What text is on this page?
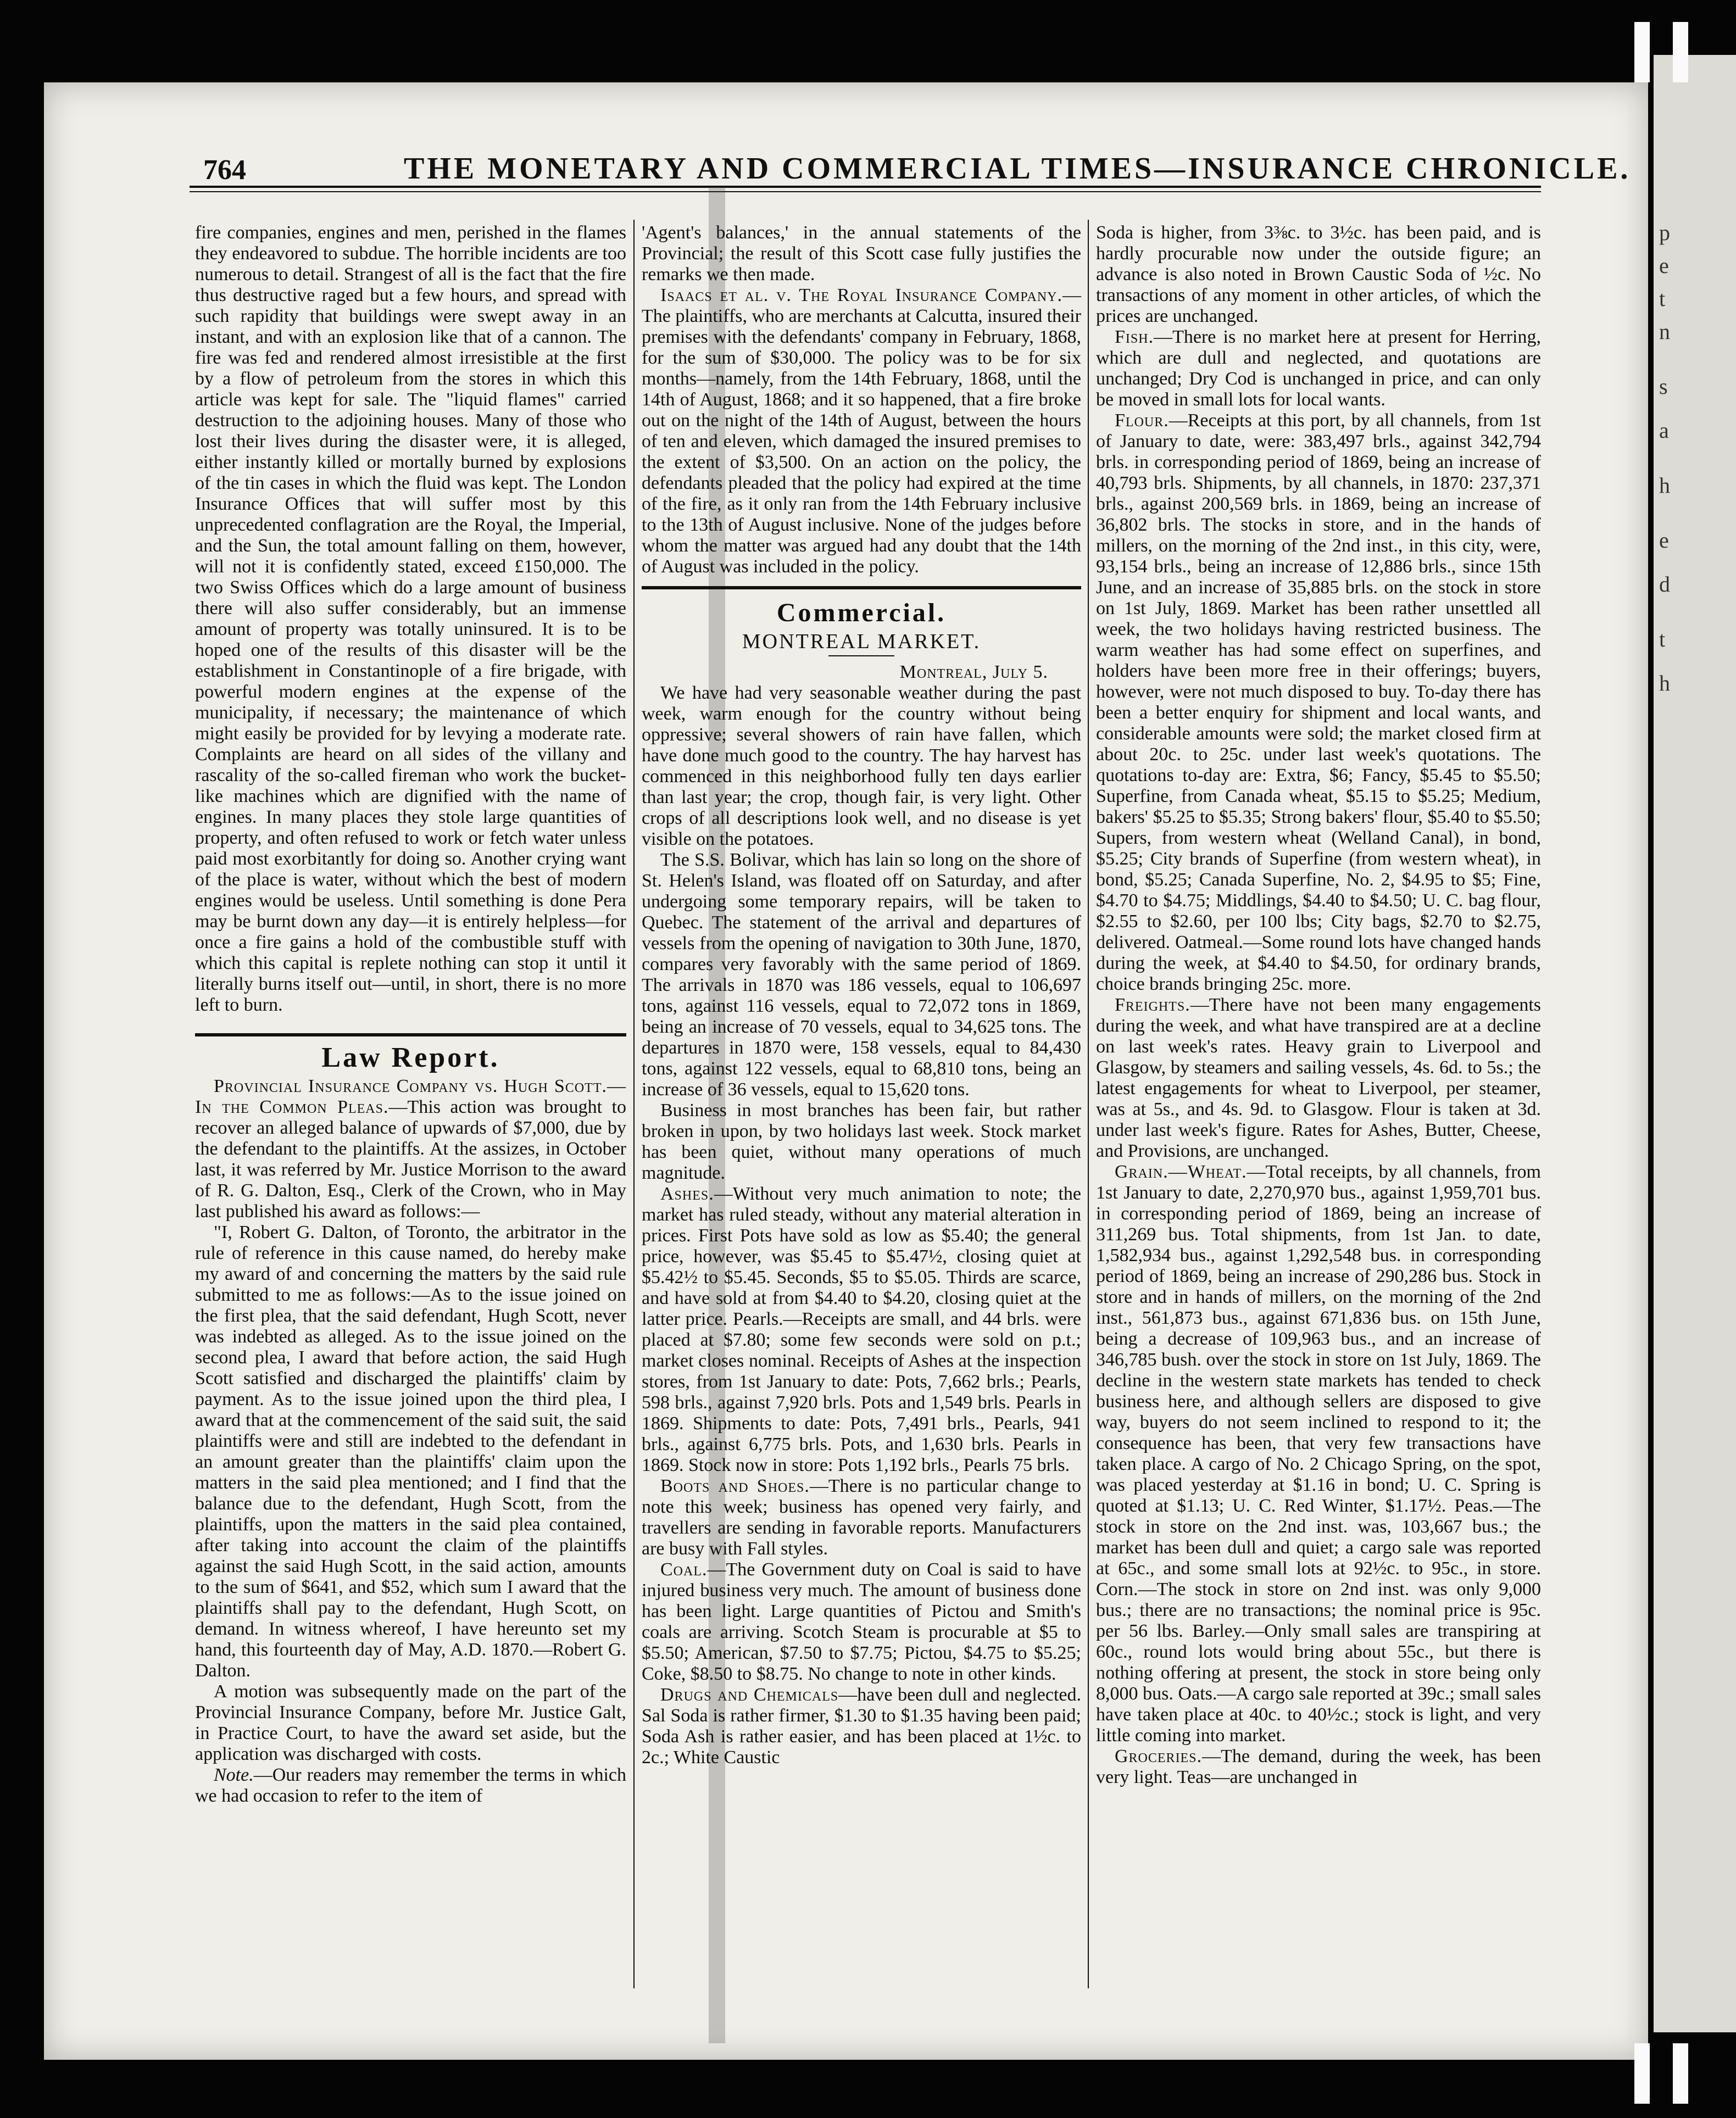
p
e
t
n
s
a
h
e
d
t
h
764	THE MONETARY AND COMMERCIAL TIMES—INSURANCE CHRONICLE.

fire companies, engines and men, perished in the flames they endeavored to subdue. The horrible incidents are too numerous to detail. Strangest of all is the fact that the fire thus destructive raged but a few hours, and spread with such rapidity that buildings were swept away in an instant, and with an explosion like that of a cannon. The fire was fed and rendered almost irresistible at the first by a flow of petroleum from the stores in which this article was kept for sale. The "liquid flames" carried destruction to the adjoining houses. Many of those who lost their lives during the disaster were, it is alleged, either instantly killed or mortally burned by explosions of the tin cases in which the fluid was kept. The London Insurance Offices that will suffer most by this unprecedented conflagration are the Royal, the Imperial, and the Sun, the total amount falling on them, however, will not it is confidently stated, exceed £150,000. The two Swiss Offices which do a large amount of business there will also suffer considerably, but an immense amount of property was totally uninsured. It is to be hoped one of the results of this disaster will be the establishment in Constantinople of a fire brigade, with powerful modern engines at the expense of the municipality, if necessary; the maintenance of which might easily be provided for by levying a moderate rate. Complaints are heard on all sides of the villany and rascality of the so-called fireman who work the bucket-like machines which are dignified with the name of engines. In many places they stole large quantities of property, and often refused to work or fetch water unless paid most exorbitantly for doing so. Another crying want of the place is water, without which the best of modern engines would be useless. Until something is done Pera may be burnt down any day—it is entirely helpless—for once a fire gains a hold of the combustible stuff with which this capital is replete nothing can stop it until it literally burns itself out—until, in short, there is no more left to burn.

Law Report.

Provincial Insurance Company vs. Hugh Scott.—In the Common Pleas.—This action was brought to recover an alleged balance of upwards of $7,000, due by the defendant to the plaintiffs. At the assizes, in October last, it was referred by Mr. Justice Morrison to the award of R. G. Dalton, Esq., Clerk of the Crown, who in May last published his award as follows:—

"I, Robert G. Dalton, of Toronto, the arbitrator in the rule of reference in this cause named, do hereby make my award of and concerning the matters by the said rule submitted to me as follows:—As to the issue joined on the first plea, that the said defendant, Hugh Scott, never was indebted as alleged. As to the issue joined on the second plea, I award that before action, the said Hugh Scott satisfied and discharged the plaintiffs' claim by payment. As to the issue joined upon the third plea, I award that at the commencement of the said suit, the said plaintiffs were and still are indebted to the defendant in an amount greater than the plaintiffs' claim upon the matters in the said plea mentioned; and I find that the balance due to the defendant, Hugh Scott, from the plaintiffs, upon the matters in the said plea contained, after taking into account the claim of the plaintiffs against the said Hugh Scott, in the said action, amounts to the sum of $641, and $52, which sum I award that the plaintiffs shall pay to the defendant, Hugh Scott, on demand. In witness whereof, I have hereunto set my hand, this fourteenth day of May, A.D. 1870.—Robert G. Dalton.

A motion was subsequently made on the part of the Provincial Insurance Company, before Mr. Justice Galt, in Practice Court, to have the award set aside, but the application was discharged with costs.

Note.—Our readers may remember the terms in which we had occasion to refer to the item of

'Agent's balances,' in the annual statements of the Provincial; the result of this Scott case fully justifies the remarks we then made.

Isaacs et al. v. The Royal Insurance Company.—The plaintiffs, who are merchants at Calcutta, insured their premises with the defendants' company in February, 1868, for the sum of $30,000. The policy was to be for six months—namely, from the 14th February, 1868, until the 14th of August, 1868; and it so happened, that a fire broke out on the night of the 14th of August, between the hours of ten and eleven, which damaged the insured premises to the extent of $3,500. On an action on the policy, the defendants pleaded that the policy had expired at the time of the fire, as it only ran from the 14th February inclusive to the 13th of August inclusive. None of the judges before whom the matter was argued had any doubt that the 14th of August was included in the policy.

Commercial.
MONTREAL MARKET.
Montreal, July 5.

We have had very seasonable weather during the past week, warm enough for the country without being oppressive; several showers of rain have fallen, which have done much good to the country. The hay harvest has commenced in this neighborhood fully ten days earlier than last year; the crop, though fair, is very light. Other crops of all descriptions look well, and no disease is yet visible on the potatoes.

The S.S. Bolivar, which has lain so long on the shore of St. Helen's Island, was floated off on Saturday, and after undergoing some temporary repairs, will be taken to Quebec. The statement of the arrival and departures of vessels from the opening of navigation to 30th June, 1870, compares very favorably with the same period of 1869. The arrivals in 1870 was 186 vessels, equal to 106,697 tons, against 116 vessels, equal to 72,072 tons in 1869, being an increase of 70 vessels, equal to 34,625 tons. The departures in 1870 were, 158 vessels, equal to 84,430 tons, against 122 vessels, equal to 68,810 tons, being an increase of 36 vessels, equal to 15,620 tons.

Business in most branches has been fair, but rather broken in upon, by two holidays last week. Stock market has been quiet, without many operations of much magnitude.

Ashes.—Without very much animation to note; the market has ruled steady, without any material alteration in prices. First Pots have sold as low as $5.40; the general price, however, was $5.45 to $5.47½, closing quiet at $5.42½ to $5.45. Seconds, $5 to $5.05. Thirds are scarce, and have sold at from $4.40 to $4.20, closing quiet at the latter price. Pearls.—Receipts are small, and 44 brls. were placed at $7.80; some few seconds were sold on p.t.; market closes nominal. Receipts of Ashes at the inspection stores, from 1st January to date: Pots, 7,662 brls.; Pearls, 598 brls., against 7,920 brls. Pots and 1,549 brls. Pearls in 1869. Shipments to date: Pots, 7,491 brls., Pearls, 941 brls., against 6,775 brls. Pots, and 1,630 brls. Pearls in 1869. Stock now in store: Pots 1,192 brls., Pearls 75 brls.

Boots and Shoes.—There is no particular change to note this week; business has opened very fairly, and travellers are sending in favorable reports. Manufacturers are busy with Fall styles.

Coal.—The Government duty on Coal is said to have injured business very much. The amount of business done has been light. Large quantities of Pictou and Smith's coals are arriving. Scotch Steam is procurable at $5 to $5.50; American, $7.50 to $7.75; Pictou, $4.75 to $5.25; Coke, $8.50 to $8.75. No change to note in other kinds.

Drugs and Chemicals—have been dull and neglected. Sal Soda is rather firmer, $1.30 to $1.35 having been paid; Soda Ash is rather easier, and has been placed at 1½c. to 2c.; White Caustic

Soda is higher, from 3⅜c. to 3½c. has been paid, and is hardly procurable now under the outside figure; an advance is also noted in Brown Caustic Soda of ½c. No transactions of any moment in other articles, of which the prices are unchanged.

Fish.—There is no market here at present for Herring, which are dull and neglected, and quotations are unchanged; Dry Cod is unchanged in price, and can only be moved in small lots for local wants.

Flour.—Receipts at this port, by all channels, from 1st of January to date, were: 383,497 brls., against 342,794 brls. in corresponding period of 1869, being an increase of 40,793 brls. Shipments, by all channels, in 1870: 237,371 brls., against 200,569 brls. in 1869, being an increase of 36,802 brls. The stocks in store, and in the hands of millers, on the morning of the 2nd inst., in this city, were, 93,154 brls., being an increase of 12,886 brls., since 15th June, and an increase of 35,885 brls. on the stock in store on 1st July, 1869. Market has been rather unsettled all week, the two holidays having restricted business. The warm weather has had some effect on superfines, and holders have been more free in their offerings; buyers, however, were not much disposed to buy. To-day there has been a better enquiry for shipment and local wants, and considerable amounts were sold; the market closed firm at about 20c. to 25c. under last week's quotations. The quotations to-day are: Extra, $6; Fancy, $5.45 to $5.50; Superfine, from Canada wheat, $5.15 to $5.25; Medium, bakers' $5.25 to $5.35; Strong bakers' flour, $5.40 to $5.50; Supers, from western wheat (Welland Canal), in bond, $5.25; City brands of Superfine (from western wheat), in bond, $5.25; Canada Superfine, No. 2, $4.95 to $5; Fine, $4.70 to $4.75; Middlings, $4.40 to $4.50; U. C. bag flour, $2.55 to $2.60, per 100 lbs; City bags, $2.70 to $2.75, delivered. Oatmeal.—Some round lots have changed hands during the week, at $4.40 to $4.50, for ordinary brands, choice brands bringing 25c. more.

Freights.—There have not been many engagements during the week, and what have transpired are at a decline on last week's rates. Heavy grain to Liverpool and Glasgow, by steamers and sailing vessels, 4s. 6d. to 5s.; the latest engagements for wheat to Liverpool, per steamer, was at 5s., and 4s. 9d. to Glasgow. Flour is taken at 3d. under last week's figure. Rates for Ashes, Butter, Cheese, and Provisions, are unchanged.

Grain.—Wheat.—Total receipts, by all channels, from 1st January to date, 2,270,970 bus., against 1,959,701 bus. in corresponding period of 1869, being an increase of 311,269 bus. Total shipments, from 1st Jan. to date, 1,582,934 bus., against 1,292,548 bus. in corresponding period of 1869, being an increase of 290,286 bus. Stock in store and in hands of millers, on the morning of the 2nd inst., 561,873 bus., against 671,836 bus. on 15th June, being a decrease of 109,963 bus., and an increase of 346,785 bush. over the stock in store on 1st July, 1869. The decline in the western state markets has tended to check business here, and although sellers are disposed to give way, buyers do not seem inclined to respond to it; the consequence has been, that very few transactions have taken place. A cargo of No. 2 Chicago Spring, on the spot, was placed yesterday at $1.16 in bond; U. C. Spring is quoted at $1.13; U. C. Red Winter, $1.17½. Peas.—The stock in store on the 2nd inst. was, 103,667 bus.; the market has been dull and quiet; a cargo sale was reported at 65c., and some small lots at 92½c. to 95c., in store. Corn.—The stock in store on 2nd inst. was only 9,000 bus.; there are no transactions; the nominal price is 95c. per 56 lbs. Barley.—Only small sales are transpiring at 60c., round lots would bring about 55c., but there is nothing offering at present, the stock in store being only 8,000 bus. Oats.—A cargo sale reported at 39c.; small sales have taken place at 40c. to 40½c.; stock is light, and very little coming into market.

Groceries.—The demand, during the week, has been very light. Teas—are unchanged in
